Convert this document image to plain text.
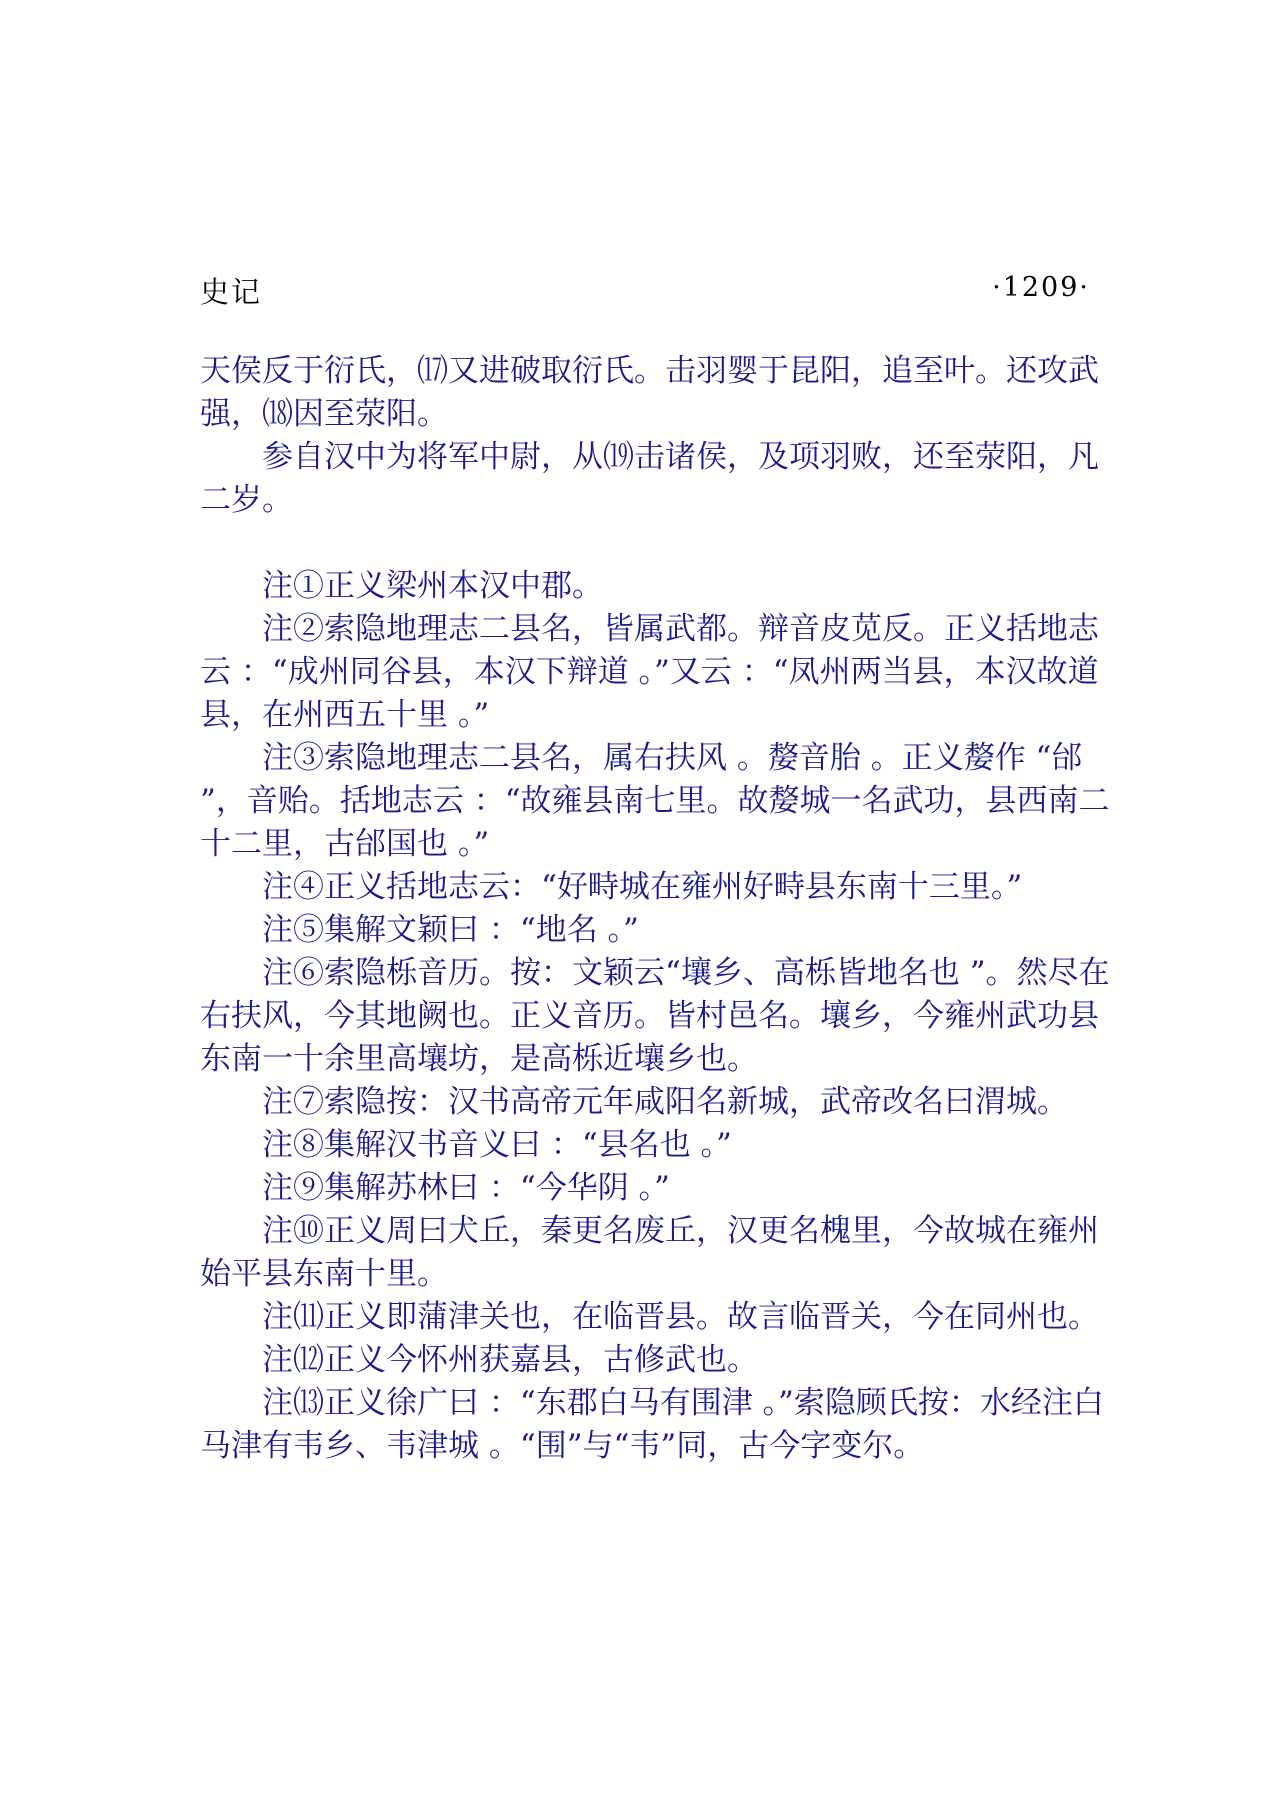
史记	·1209·

天侯反于衍氏，⒄又进破取衍氏。击羽婴于昆阳，追至叶。还攻武强，⒅因至荥阳。

参自汉中为将军中尉，从⒆击诸侯，及项羽败，还至荥阳，凡二岁。

注①正义梁州本汉中郡。

注②索隐地理志二县名，皆属武都。辩音皮苋反。正义括地志云 ：“成州同谷县，本汉下辩道 。”又云 ：“凤州两当县，本汉故道县，在州西五十里 。”

注③索隐地理志二县名，属右扶风 。嫠音胎 。正义嫠作 “邰 ”，音贻。括地志云 ：“故雍县南七里。故嫠城一名武功，县西南二十二里，古邰国也 。”

注④正义括地志云：“好畤城在雍州好畤县东南十三里。”

注⑤集解文颖曰 ：“地名 。”

注⑥索隐栎音历。按：文颖云“壤乡、高栎皆地名也 ”。然尽在右扶风，今其地阙也。正义音历。皆村邑名。壤乡，今雍州武功县东南一十余里高壤坊，是高栎近壤乡也。

注⑦索隐按：汉书高帝元年咸阳名新城，武帝改名曰渭城。

注⑧集解汉书音义曰 ：“县名也 。”

注⑨集解苏林曰 ：“今华阴 。”

注⑩正义周曰犬丘，秦更名废丘，汉更名槐里，今故城在雍州始平县东南十里。

注⑾正义即蒲津关也，在临晋县。故言临晋关，今在同州也。

注⑿正义今怀州获嘉县，古修武也。

注⒀正义徐广曰 ：“东郡白马有围津 。”索隐顾氏按：水经注白马津有韦乡、韦津城 。“围”与“韦”同，古今字变尔。
